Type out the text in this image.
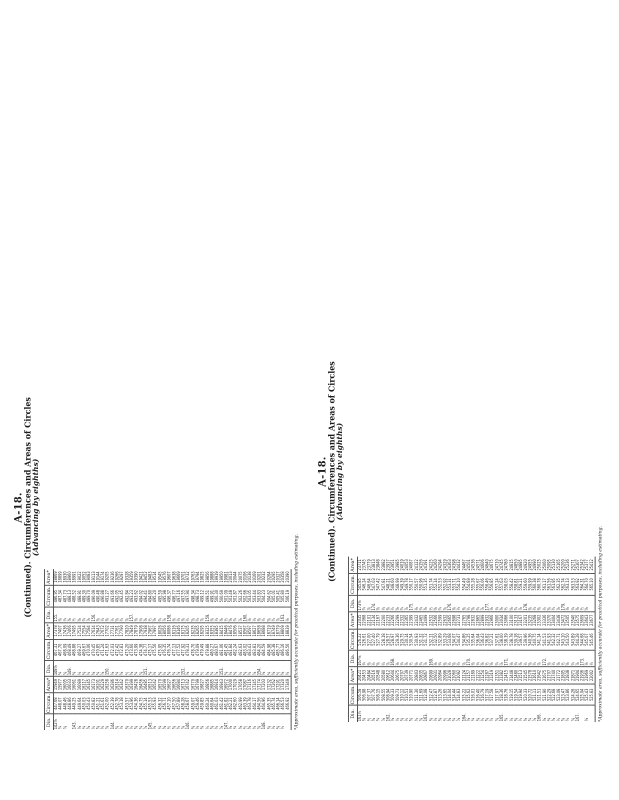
A-18.
(Continued). Circumferences and Areas of Circles (Advancing by eighths)
Dia.	Circum.	Area*	Dia.	Circum.	Area*	Dia.	Circum.	Area*
142⅝	447.68	15949	148⅝	467.31	17378	155.	486.95	18869
¾	448.07	15977	¾	467.70	17407	⅛	487.34	18899
⅞	448.46	16005	⅞	468.09	17436	¼	487.73	18930
	448.86	16033	149.	468.49	17466	⅜	488.13	18960
143.	449.25	16061	⅛	468.88	17495	½	488.52	18991
⅛	449.64	16089	¼	469.27	17524	⅝	488.91	19022
¼	450.03	16117	⅜	469.67	17554	¾	489.30	19052
⅜	450.43	16145	½	470.06	17584	⅞	489.70	19083
½	450.82	16173	⅝	470.45	17614	156.	490.09	19113
⅝	451.21	16201	¾	470.85	17643	⅛	490.48	19144
¾	451.61	16229	⅞	471.24	17672	¼	490.88	19174
⅞	452.00	16258	150.	471.63	17702	⅜	491.27	19205
144.	452.39	16286	⅛	472.03	17731	½	491.66	19236
⅛	452.78	16314	¼	472.42	17761	⅝	492.05	19266
¼	453.18	16342	⅜	472.81	17790	¾	492.45	19297
⅜	453.57	16370	½	473.20	17820	⅞	492.84	19328
½	453.96	16399	⅝	473.60	17849	157.	493.23	19359
⅝	454.36	16428	¾	473.99	17879	⅛	493.62	19390
¾	454.75	16456	⅞	474.38	17908	¼	494.02	19421
⅞	455.14	16485	151.	474.77	17938	⅜	494.41	19452
145.	455.53	16513	⅛	475.17	17967	½	494.80	19483
⅛	455.93	16542	¼	475.56	17997	⅝	495.20	19514
¼	456.32	16570	⅜	475.95	18026	¾	495.59	19545
⅜	456.71	16599	½	476.35	18056	⅞	495.98	19576
½	457.10	16627	⅝	476.74	18086	158.	496.37	19607
⅝	457.50	16656	¾	477.13	18116	⅛	496.77	19638
¾	457.89	16684	⅞	477.52	18146	¼	497.16	19669
⅞	458.28	16713	152.	477.92	18175	⅜	497.55	19701
146.	458.67	16742	⅛	478.31	18205	½	497.94	19732
⅛	459.07	16770	¼	478.70	18235	⅝	498.34	19763
¼	459.46	16799	⅜	479.09	18265	¾	498.73	19794
⅜	459.85	16827	½	479.49	18295	⅞	499.12	19825
½	460.24	16856	⅝	479.88	18325	159.	499.51	19856
⅝	460.64	16885	¾	480.27	18355	⅛	499.91	19888
¾	461.03	16914	⅞	480.67	18385	¼	500.30	19919
⅞	461.42	16943	153.	481.06	18415	⅜	500.69	19950
147.	461.82	16972	⅛	481.45	18446	½	501.09	19981
⅛	462.21	17000	¼	481.84	18476	⅝	501.48	20013
¼	462.60	17029	⅜	482.24	18506	¾	501.87	20044
⅜	462.99	17058	½	482.63	18537	⅞	502.26	20075
½	463.39	17087	⅝	483.02	18567	160.	502.66	20106
⅝	463.78	17116	¾	483.41	18597	⅛	503.05	20138
¾	464.17	17145	⅞	483.81	18627	¼	503.44	20169
⅞	464.56	17174	154.	484.20	18658	⅜	503.83	20201
148.	464.96	17203	⅛	484.59	18688	½	504.23	20232
⅛	465.35	17232	¼	484.98	18719	⅝	504.62	20264
¼	465.74	17262	⅜	485.38	18749	¾	505.01	20295
⅜	466.14	17291	½	485.77	18779	⅞	505.41	20327
½	466.53	17320	⅝	486.16	18809	161.	505.80	20358
	466.92	17349	¾	486.56	18839	⅛	506.19	20390 *Approximate area, sufficiently accurate for practical purposes, including estimating.
A-18.
(Continued). Circumferences and Areas of Circles (Advancing by eighths)
Dia.	Circum.	Area*	Dia.	Circum.	Area*	Dia.	Circum.	Area*
161¼	506.58	20421	167⅛	526.22	22035	173⅝	545.85	23711
⅜	506.98	20453	¼	526.61	22068	¾	546.24	23745
½	507.37	20484	⅜	527.00	22101	⅞	546.64	23779
⅝	507.76	20516	½	527.40	22134	174.	547.03	23813
¾	508.15	20548	⅝	527.79	22167	⅛	547.42	23848
⅞	508.55	20580	¾	528.18	22200	¼	547.81	23882
162.	508.94	20612	⅞	528.57	22233	⅜	548.21	23917
⅛	509.33	20644	168.	528.97	22266	½	548.60	23951
¼	509.73	20675	⅛	529.36	22299	⅝	548.99	23985
⅜	510.12	20707	¼	529.75	22332	¾	549.39	24019
½	510.51	20739	⅜	530.14	22365	⅞	549.78	24053
⅝	510.90	20771	½	530.54	22399	175.	550.17	24087
¾	511.30	20803	⅝	530.93	22432	⅛	550.57	24122
⅞	511.69	20835	¾	531.32	22465	¼	550.96	24156
163.	512.08	20867	⅞	531.72	22499	⅜	551.35	24191
⅛	512.47	20899	169.	532.11	22532	½	551.74	24225
¼	512.87	20931	⅛	532.50	22566	⅝	552.14	24260
⅜	513.26	20964	¼	532.89	22599	¾	552.53	24294
½	513.65	20996	⅜	533.29	22632	⅞	552.92	24329
⅝	514.04	21028	½	533.68	22665	176.	553.31	24363
¾	514.44	21060	⅝	534.07	22698	⅛	553.71	24398
⅞	514.83	21092	¾	534.47	22731	¼	554.10	24432
164.	515.22	21124	⅞	534.86	22765	⅜	554.49	24467
⅛	515.62	21157	170.	535.25	22798	½	554.89	24501
¼	516.01	21189	⅛	535.64	22832	⅝	555.28	24536
⅜	516.40	21222	¼	536.04	22865	¾	555.67	24571
½	516.79	21254	⅜	536.43	22899	⅞	556.06	24606
⅝	517.19	21287	½	536.82	22932	177.	556.46	24640
¾	517.58	21319	⅝	537.21	22966	⅛	556.85	24675
⅞	517.97	21351	¾	537.61	23000	¼	557.24	24710
165.	518.36	21382	⅞	538.00	23034	⅜	557.63	24745
⅛	518.76	21415	171.	538.39	23066	½	558.03	24780
¼	519.15	21448	⅛	538.78	23100	⅝	558.42	24815
⅜	519.54	21480	¼	539.18	23133	¾	558.81	24850
½	519.94	21513	⅜	539.57	23167	⅞	559.21	24885
⅝	520.33	21545	½	539.96	23201	178.	559.60	24920
¾	520.72	21578	⅝	540.36	23235	⅛	559.99	24955
⅞	521.11	21610	¾	540.75	23268	¼	560.38	24990
166.	521.51	21642	⅞	541.14	23302	⅜	560.78	25025
⅛	521.90	21675	172.	541.53	23336	½	561.17	25060
¼	522.29	21707	⅛	541.93	23370	⅝	561.56	25095
⅜	522.68	21740	¼	542.32	23404	¾	561.95	25130
½	523.08	21772	⅜	542.71	23438	⅞	562.35	25165
⅝	523.47	21805	½	543.10	23472	179.	562.74	25200
¾	523.86	21838	⅝	543.50	23505	⅛	563.13	25236
⅞	524.26	21871	¾	543.89	23540	¼	563.53	25271
167.	524.65	21904	⅞	544.28	23575	⅜	563.92	25307
	525.04	21936	173.	544.68	23609	½	564.31	25342
⅛	525.43	21969	⅛	545.07	23643	⅝	564.70	25377
	525.83	22002	¼	545.46	23677		565.10	25412 *Approximate area, sufficiently accurate for practical purposes, including estimating.
